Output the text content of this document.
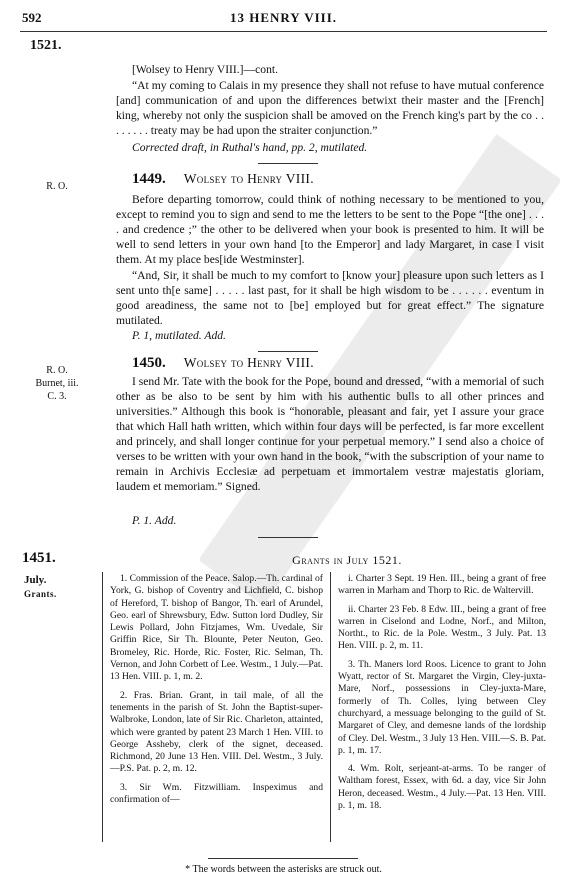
592	13 HENRY VIII.
1521.
[Wolsey to Henry VIII.]—cont.
“At my coming to Calais in my presence they shall not refuse to have mutual conference [and] communication of and upon the differences betwixt their master and the [French] king, whereby not only the suspicion shall be amoved on the French king's part by the co . . . . . . . . treaty may be had upon the straiter conjunction.”
Corrected draft, in Ruthal's hand, pp. 2, mutilated.
R. O.	1449. Wolsey to Henry VIII.
Before departing tomorrow, could think of nothing necessary to be mentioned to you, except to remind you to sign and send to me the letters to be sent to the Pope “[the one] . . . . and credence ;” the other to be delivered when your book is presented to him. It will be well to send letters in your own hand [to the Emperor] and lady Margaret, in case I visit them. At my place bes[ide Westminster].
“And, Sir, it shall be much to my comfort to [know your] pleasure upon such letters as I sent unto th[e same] . . . . . last past, for it shall be high wisdom to be . . . . . . eventum in good areadiness, the same not to [be] employed but for great effect.” The signature mutilated.
P. 1, mutilated. Add.
R. O.
Burnet, iii.
C. 3.
1450. Wolsey to Henry VIII.
I send Mr. Tate with the book for the Pope, bound and dressed, “with a memorial of such other as be also to be sent by him with his authentic bulls to all other princes and universities.” Although this book is “honorable, pleasant and fair, yet I assure your grace that which Hall hath written, which within four days will be perfected, is far more excellent and princely, and shall longer continue for your perpetual memory.” I send also a choice of verses to be written with your own hand in the book, “with the subscription of your name to remain in Archivis Ecclesiæ ad perpetuam et immortalem vestræ majestatis gloriam, laudem et memoriam.” Signed.
P. 1. Add.
1451.	Grants in July 1521.
July.
Grants.

1. Commission of the Peace. Salop.—Th. cardinal of York, G. bishop of Coventry and Lichfield, C. bishop of Hereford, T. bishop of Bangor, Th. earl of Arundel, Geo. earl of Shrewsbury, Edw. Sutton lord Dudley, Sir Lewis Pollard, John Fitzjames, Wm. Uvedale, Sir Griffin Rice, Sir Th. Blounte, Peter Neuton, Geo. Bromeley, Ric. Horde, Ric. Foster, Ric. Selman, Th. Vernon, and John Corbett of Lee. Westm., 1 July.—Pat. 13 Hen. VIII. p. 1, m. 2.

2. Fras. Brian. Grant, in tail male, of all the tenements in the parish of St. John the Baptist-super-Walbroke, London, late of Sir Ric. Charleton, attainted, which were granted by patent 23 March 1 Hen. VIII. to George Assheby, clerk of the signet, deceased. Richmond, 20 June 13 Hen. VIII. Del. Westm., 3 July.—P.S. Pat. p. 2, m. 12.

3. Sir Wm. Fitzwilliam. Inspeximus and confirmation of—

i. Charter 3 Sept. 19 Hen. III., being a grant of free warren in Marham and Thorp to Ric. de Waltervill.

ii. Charter 23 Feb. 8 Edw. III., being a grant of free warren in Ciselond and Lodne, Norf., and Milton, Northt., to Ric. de la Pole. Westm., 3 July. Pat. 13 Hen. VIII. p. 2, m. 11.

3. Th. Maners lord Roos. Licence to grant to John Wyatt, rector of St. Margaret the Virgin, Cley-juxta-Mare, Norf., possessions in Cley-juxta-Mare, formerly of Th. Colles, lying between Cley churchyard, a messuage belonging to the guild of St. Margaret of Cley, and demesne lands of the lordship of Cley. Del. Westm., 3 July 13 Hen. VIII.—S. B. Pat. p. 1, m. 17.

4. Wm. Rolt, serjeant-at-arms. To be ranger of Waltham forest, Essex, with 6d. a day, vice Sir John Heron, deceased. Westm., 4 July.—Pat. 13 Hen. VIII. p. 1, m. 18.

* The words between the asterisks are struck out.
